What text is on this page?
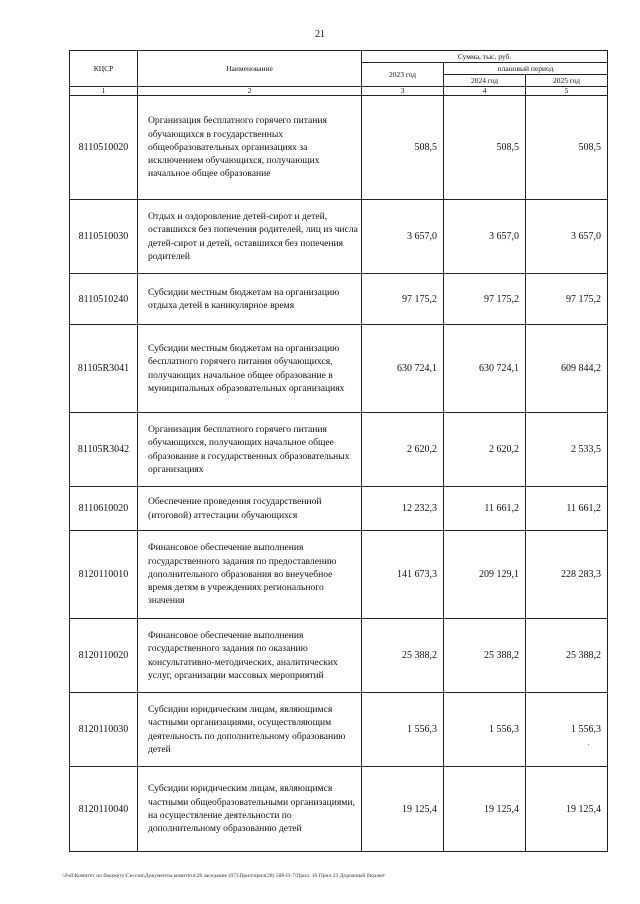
21
КЦСР	Наименование	Сумма, тыс. руб.		
		2023 год	плановый период	
			2024 год	2025 год
1	2	3	4	5
8110510020	Организация бесплатного горячего питания обучающихся в государственных общеобразовательных организациях за исключением обучающихся, получающих начальное общее образование	508,5	508,5	508,5
8110510030	Отдых и оздоровление детей-сирот и детей, оставшихся без попечения родителей, лиц из числа детей-сирот и детей, оставшихся без попечения родителей	3 657,0	3 657,0	3 657,0
8110510240	Субсидии местным бюджетам на организацию отдыха детей в каникулярное время	97 175,2	97 175,2	97 175,2
81105R3041	Субсидии местным бюджетам на организацию бесплатного горячего питания обучающихся, получающих начальное общее образование в муниципальных образовательных организациях	630 724,1	630 724,1	609 844,2
81105R3042	Организация бесплатного горячего питания обучающихся, получающих начальное общее образование в государственных образовательных организациях	2 620,2	2 620,2	2 533,5
8110610020	Обеспечение проведения государственной (итоговой) аттестации обучающихся	12 232,3	11 661,2	11 661,2
8120110010	Финансовое обеспечение выполнения государственного задания по предоставлению дополнительного образования во внеучебное время детям в учреждениях регионального значения	141 673,3	209 129,1	228 283,3
8120110020	Финансовое обеспечение выполнения государственного задания по оказанию консультативно-методических, аналитических услуг, организации массовых мероприятий	25 388,2	25 388,2	25 388,2
8120110030	Субсидии юридическим лицам, являющимся частными организациями, осуществляющим деятельность по дополнительному образованию детей	1 556,3	1 556,3	1 556,3
8120110040	Субсидии юридическим лицам, являющимся частными общеобразовательными организациями, на осуществление деятельности по дополнительному образованию детей	19 125,4	19 125,4	19 125,4
\\Fs0\Комитет по бюджету\Сессии\Документы комитета\28 заседание (07)\Прил\прил(28) 508-П-7\Прил. 16 Прил 23 Дорожный бюджет
